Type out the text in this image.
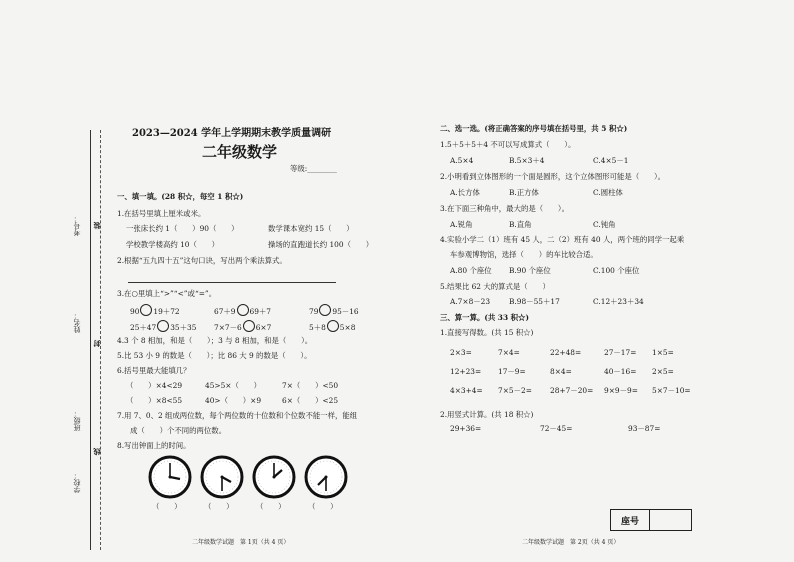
考号：
姓名：
班级：
学校：
装
封
线
2023—2024 学年上学期期末教学质量调研
二年级数学
等级:________
一、填一填。(28 积☆，每空 1 积☆)
1.在括号里填上厘米或米。
一张床长约 1（　　）90（　　）	数学课本宽约 15（　　）
学校教学楼高约 10（　　）	操场的直跑道长约 100（　　）
2.根据“五九四十五”这句口诀，写出两个乘法算式。
3.在○里填上“>”“<”或“=”。
90 19＋72	67＋9 69＋7	79 95－16
25＋47 35＋35 7×7－6 6×7	5＋8 5×8
4.3 个 8 相加，和是（　　）；3 与 8 相加，和是（　　）。
5.比 53 小 9 的数是（　　）；比 86 大 9 的数是（　　）。
6.括号里最大能填几？
（　　）×4<29	45>5×（　　）	7×（　　）<50
（　　）×8<55	40>（　　）×9	6×（　　）<25
7.用 7、0、2 组成两位数，每个两位数的十位数和个位数不能一样，能组
成（　　）个不同的两位数。
8.写出钟面上的时间。
（　　）	（　　）	（　　）	（　　）
二年级数学试题　第 1页（共 4 页）
二、选一选。(将正确答案的序号填在括号里，共 5 积☆)
1.5＋5＋5＋4 不可以写成算式（　　）。
A.5×4	B.5×3＋4	C.4×5－1
2.小明看到立体图形的一个面是圆形，这个立体图形可能是（　　）。
A.长方体	B.正方体	C.圆柱体
3.在下面三种角中，最大的是（　　）。
A.锐角	B.直角	C.钝角
4.实验小学二（1）班有 45 人，二（2）班有 40 人，两个班的同学一起乘
车参观博物馆，选择（　　）的车比较合适。
A.80 个座位 B.90 个座位	C.100 个座位
5.结果比 62 大的算式是（　　）
A.7×8－23	B.98－55＋17	C.12＋23＋34
三、算一算。(共 33 积☆)
1.直接写得数。(共 15 积☆)
2×3=	7×4=	22+48=	27－17= 1×5=
12+23= 17－9=	8×4=	40－16= 2×5=
4×3+4= 7×5－2= 28+7－20= 9×9－9= 5×7－10=
2.用竖式计算。(共 18 积☆)
29+36=	72－45=	93－87=
座号
二年级数学试题　第 2页（共 4 页）
